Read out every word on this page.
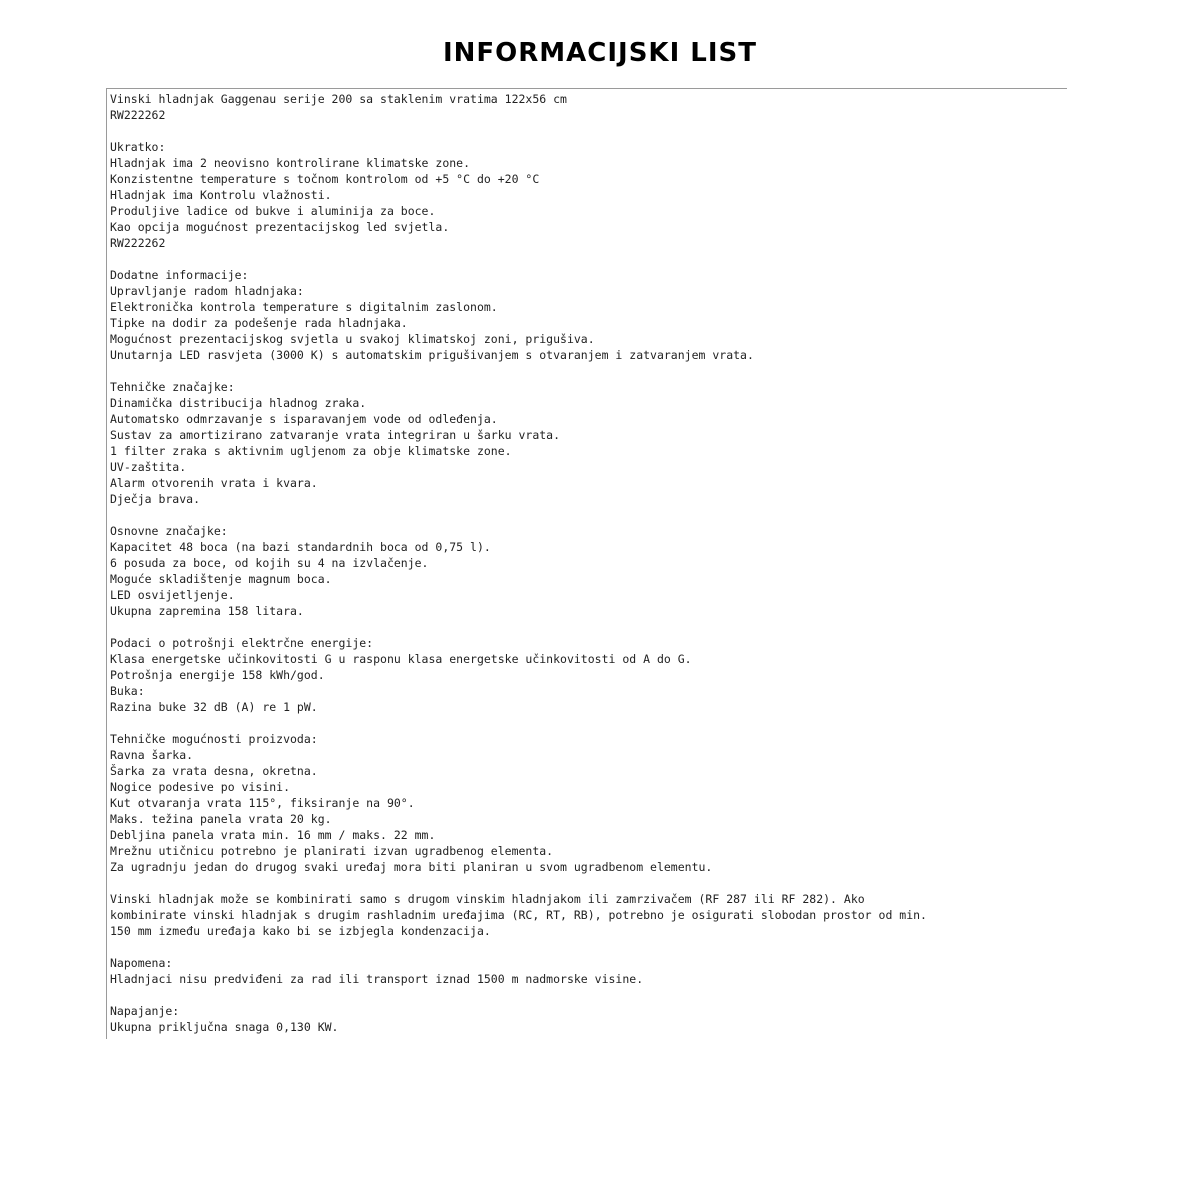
INFORMACIJSKI LIST
Vinski hladnjak Gaggenau serije 200 sa staklenim vratima 122x56 cm
RW222262
Ukratko:
Hladnjak ima 2 neovisno kontrolirane klimatske zone.
Konzistentne temperature s točnom kontrolom od +5 °C do +20 °C
Hladnjak ima Kontrolu vlažnosti.
Produljive ladice od bukve i aluminija za boce.
Kao opcija mogućnost prezentacijskog led svjetla.
RW222262
Dodatne informacije:
Upravljanje radom hladnjaka:
Elektronička kontrola temperature s digitalnim zaslonom.
Tipke na dodir za podešenje rada hladnjaka.
Mogućnost prezentacijskog svjetla u svakoj klimatskoj zoni, prigušiva.
Unutarnja LED rasvjeta (3000 K) s automatskim prigušivanjem s otvaranjem i zatvaranjem vrata.
Tehničke značajke:
Dinamička distribucija hladnog zraka.
Automatsko odmrzavanje s isparavanjem vode od odleđenja.
Sustav za amortizirano zatvaranje vrata integriran u šarku vrata.
1 filter zraka s aktivnim ugljenom za obje klimatske zone.
UV-zaštita.
Alarm otvorenih vrata i kvara.
Dječja brava.
Osnovne značajke:
Kapacitet 48 boca (na bazi standardnih boca od 0,75 l).
6 posuda za boce, od kojih su 4 na izvlačenje.
Moguće skladištenje magnum boca.
LED osvijetljenje.
Ukupna zapremina 158 litara.
Podaci o potrošnji elektrčne energije:
Klasa energetske učinkovitosti G u rasponu klasa energetske učinkovitosti od A do G.
Potrošnja energije 158 kWh/god.
Buka:
Razina buke 32 dB (A) re 1 pW.
Tehničke mogućnosti proizvoda:
Ravna šarka.
Šarka za vrata desna, okretna.
Nogice podesive po visini.
Kut otvaranja vrata 115°, fiksiranje na 90°.
Maks. težina panela vrata 20 kg.
Debljina panela vrata min. 16 mm / maks. 22 mm.
Mrežnu utičnicu potrebno je planirati izvan ugradbenog elementa.
Za ugradnju jedan do drugog svaki uređaj mora biti planiran u svom ugradbenom elementu.
Vinski hladnjak može se kombinirati samo s drugom vinskim hladnjakom ili zamrzivačem (RF 287 ili RF 282). Ako
kombinirate vinski hladnjak s drugim rashladnim uređajima (RC, RT, RB), potrebno je osigurati slobodan prostor od min.
150 mm između uređaja kako bi se izbjegla kondenzacija.
Napomena:
Hladnjaci nisu predviđeni za rad ili transport iznad 1500 m nadmorske visine.
Napajanje:
Ukupna priključna snaga 0,130 KW.
